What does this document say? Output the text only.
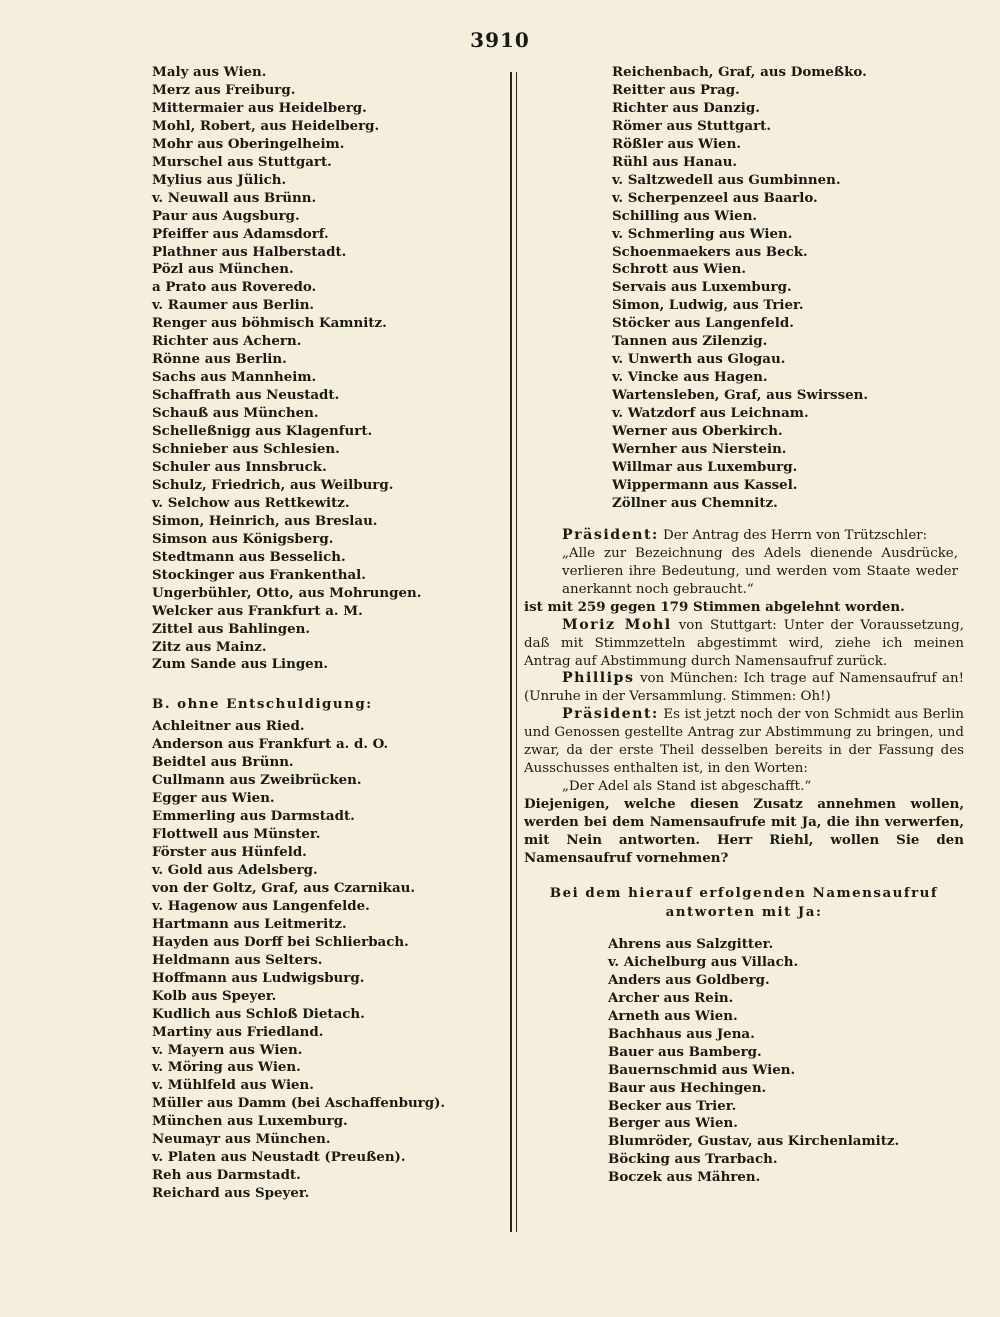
3910
Maly aus Wien.
Merz aus Freiburg.
Mittermaier aus Heidelberg.
Mohl, Robert, aus Heidelberg.
Mohr aus Oberingelheim.
Murschel aus Stuttgart.
Mylius aus Jülich.
v. Neuwall aus Brünn.
Paur aus Augsburg.
Pfeiffer aus Adamsdorf.
Plathner aus Halberstadt.
Pözl aus München.
a Prato aus Roveredo.
v. Raumer aus Berlin.
Renger aus böhmisch Kamnitz.
Richter aus Achern.
Rönne aus Berlin.
Sachs aus Mannheim.
Schaffrath aus Neustadt.
Schauß aus München.
Schelleßnigg aus Klagenfurt.
Schnieber aus Schlesien.
Schuler aus Innsbruck.
Schulz, Friedrich, aus Weilburg.
v. Selchow aus Rettkewitz.
Simon, Heinrich, aus Breslau.
Simson aus Königsberg.
Stedtmann aus Besselich.
Stockinger aus Frankenthal.
Ungerbühler, Otto, aus Mohrungen.
Welcker aus Frankfurt a. M.
Zittel aus Bahlingen.
Zitz aus Mainz.
Zum Sande aus Lingen.
B. ohne Entschuldigung:
Achleitner aus Ried.
Anderson aus Frankfurt a. d. O.
Beidtel aus Brünn.
Cullmann aus Zweibrücken.
Egger aus Wien.
Emmerling aus Darmstadt.
Flottwell aus Münster.
Förster aus Hünfeld.
v. Gold aus Adelsberg.
von der Goltz, Graf, aus Czarnikau.
v. Hagenow aus Langenfelde.
Hartmann aus Leitmeritz.
Hayden aus Dorff bei Schlierbach.
Heldmann aus Selters.
Hoffmann aus Ludwigsburg.
Kolb aus Speyer.
Kudlich aus Schloß Dietach.
Martiny aus Friedland.
v. Mayern aus Wien.
v. Möring aus Wien.
v. Mühlfeld aus Wien.
Müller aus Damm (bei Aschaffenburg).
München aus Luxemburg.
Neumayr aus München.
v. Platen aus Neustadt (Preußen).
Reh aus Darmstadt.
Reichard aus Speyer.
Reichenbach, Graf, aus Domeßko.
Reitter aus Prag.
Richter aus Danzig.
Römer aus Stuttgart.
Rößler aus Wien.
Rühl aus Hanau.
v. Saltzwedell aus Gumbinnen.
v. Scherpenzeel aus Baarlo.
Schilling aus Wien.
v. Schmerling aus Wien.
Schoenmaekers aus Beck.
Schrott aus Wien.
Servais aus Luxemburg.
Simon, Ludwig, aus Trier.
Stöcker aus Langenfeld.
Tannen aus Zilenzig.
v. Unwerth aus Glogau.
v. Vincke aus Hagen.
Wartensleben, Graf, aus Swirssen.
v. Watzdorf aus Leichnam.
Werner aus Oberkirch.
Wernher aus Nierstein.
Willmar aus Luxemburg.
Wippermann aus Kassel.
Zöllner aus Chemnitz.

Präsident: Der Antrag des Herrn von Trützschler:

„Alle zur Bezeichnung des Adels dienende Ausdrücke, verlieren ihre Bedeutung, und werden vom Staate weder anerkannt noch gebraucht.“

ist mit 259 gegen 179 Stimmen abgelehnt worden.

Moriz Mohl von Stuttgart: Unter der Voraussetzung, daß mit Stimmzetteln abgestimmt wird, ziehe ich meinen Antrag auf Abstimmung durch Namensaufruf zurück.

Phillips von München: Ich trage auf Namensaufruf an! (Unruhe in der Versammlung. Stimmen: Oh!)

Präsident: Es ist jetzt noch der von Schmidt aus Berlin und Genossen gestellte Antrag zur Abstimmung zu bringen, und zwar, da der erste Theil desselben bereits in der Fassung des Ausschusses enthalten ist, in den Worten:

„Der Adel als Stand ist abgeschafft.“

Diejenigen, welche diesen Zusatz annehmen wollen, werden bei dem Namensaufrufe mit Ja, die ihn verwerfen, mit Nein antworten. Herr Riehl, wollen Sie den Namensaufruf vornehmen?

Bei dem hierauf erfolgenden Namensaufruf antworten mit Ja:
Ahrens aus Salzgitter.
v. Aichelburg aus Villach.
Anders aus Goldberg.
Archer aus Rein.
Arneth aus Wien.
Bachhaus aus Jena.
Bauer aus Bamberg.
Bauernschmid aus Wien.
Baur aus Hechingen.
Becker aus Trier.
Berger aus Wien.
Blumröder, Gustav, aus Kirchenlamitz.
Böcking aus Trarbach.
Boczek aus Mähren.
